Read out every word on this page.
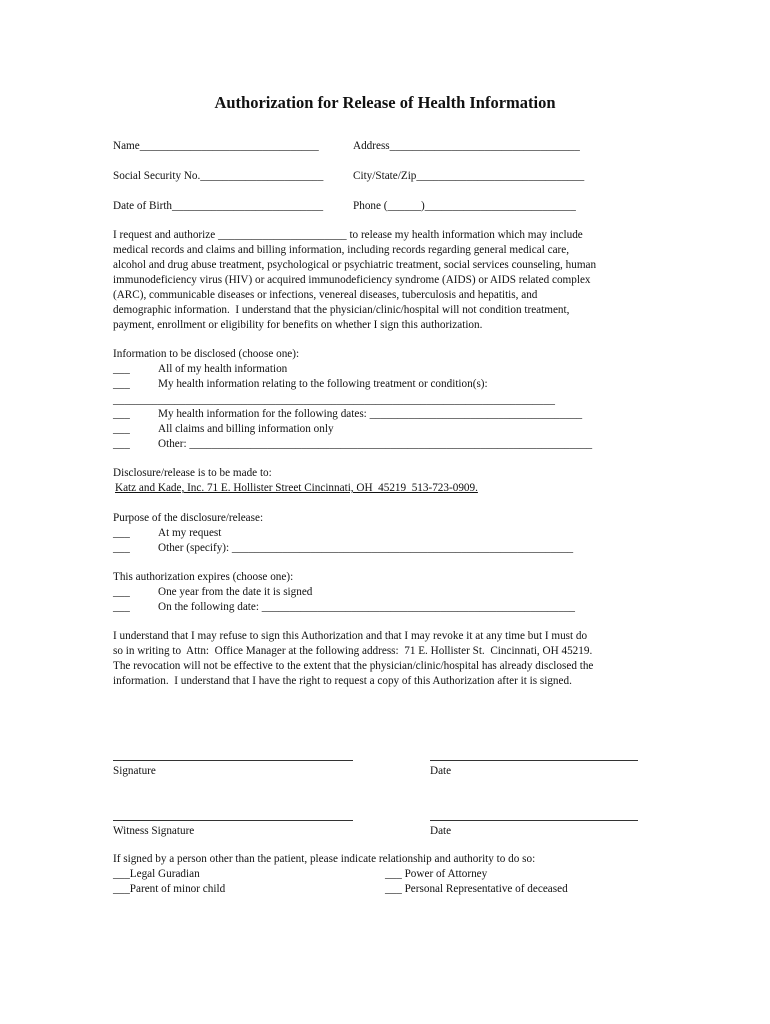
Authorization for Release of Health Information
Name________________________________	Address__________________________________
Social Security No.______________________	City/State/Zip______________________________
Date of Birth___________________________	Phone (______)___________________________
I request and authorize _______________________ to release my health information which may include
medical records and claims and billing information, including records regarding general medical care,
alcohol and drug abuse treatment, psychological or psychiatric treatment, social services counseling, human
immunodeficiency virus (HIV) or acquired immunodeficiency syndrome (AIDS) or AIDS related complex
(ARC), communicable diseases or infections, venereal diseases, tuberculosis and hepatitis, and
demographic information.  I understand that the physician/clinic/hospital will not condition treatment,
payment, enrollment or eligibility for benefits on whether I sign this authorization.
Information to be disclosed (choose one):
___	All of my health information
___	My health information relating to the following treatment or condition(s):
_______________________________________________________________________________
___	My health information for the following dates: ______________________________________
___	All claims and billing information only
___	Other: ________________________________________________________________________
Disclosure/release is to be made to:
Katz and Kade, Inc. 71 E. Hollister Street Cincinnati, OH  45219  513-723-0909.
Purpose of the disclosure/release:
___	At my request
___	Other (specify): _____________________________________________________________
This authorization expires (choose one):
___	One year from the date it is signed
___	On the following date: ________________________________________________________
I understand that I may refuse to sign this Authorization and that I may revoke it at any time but I must do
so in writing to  Attn:  Office Manager at the following address:  71 E. Hollister St.  Cincinnati, OH 45219.
The revocation will not be effective to the extent that the physician/clinic/hospital has already disclosed the
information.  I understand that I have the right to request a copy of this Authorization after it is signed.
Signature	Date
Witness Signature	Date
If signed by a person other than the patient, please indicate relationship and authority to do so:
___Legal Guradian	___ Power of Attorney
___Parent of minor child	___ Personal Representative of deceased
